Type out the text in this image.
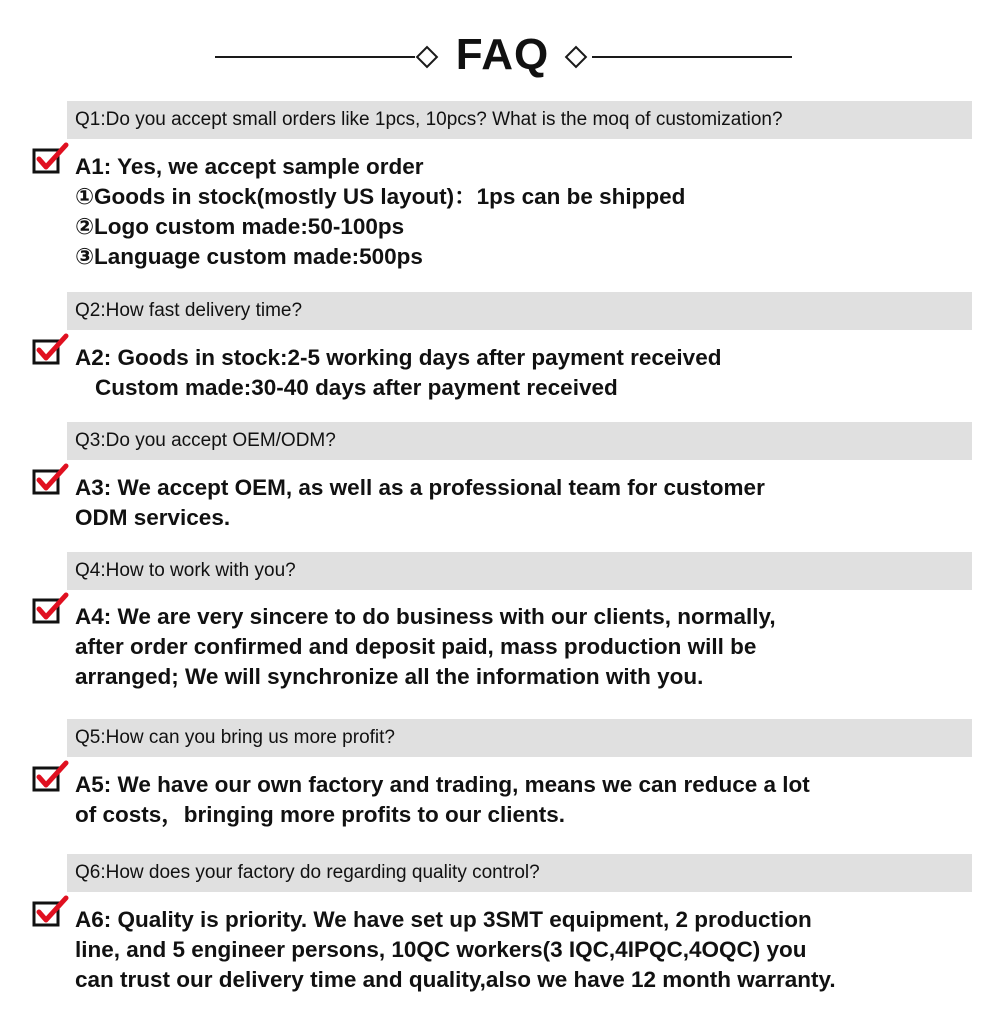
FAQ
Q1:Do you accept small orders like 1pcs, 10pcs? What is the moq of customization?
A1: Yes, we accept sample order
①Goods in stock(mostly US layout)：1ps can be shipped
②Logo custom made:50-100ps
③Language custom made:500ps
Q2:How fast delivery time?
A2: Goods in stock:2-5 working days after payment received
Custom made:30-40 days after payment received
Q3:Do you accept OEM/ODM?
A3: We accept OEM, as well as a professional team for customer
ODM services.
Q4:How to work with you?
A4: We are very sincere to do business with our clients, normally,
after order confirmed and deposit paid, mass production will be
arranged; We will synchronize all the information with you.
Q5:How can you bring us more profit?
A5: We have our own factory and trading, means we can reduce a lot
of costs，bringing more profits to our clients.
Q6:How does your factory do regarding quality control?
A6: Quality is priority. We have set up 3SMT equipment, 2 production
line, and 5 engineer persons, 10QC workers(3 IQC,4IPQC,4OQC) you
can trust our delivery time and quality,also we have 12 month warranty.
